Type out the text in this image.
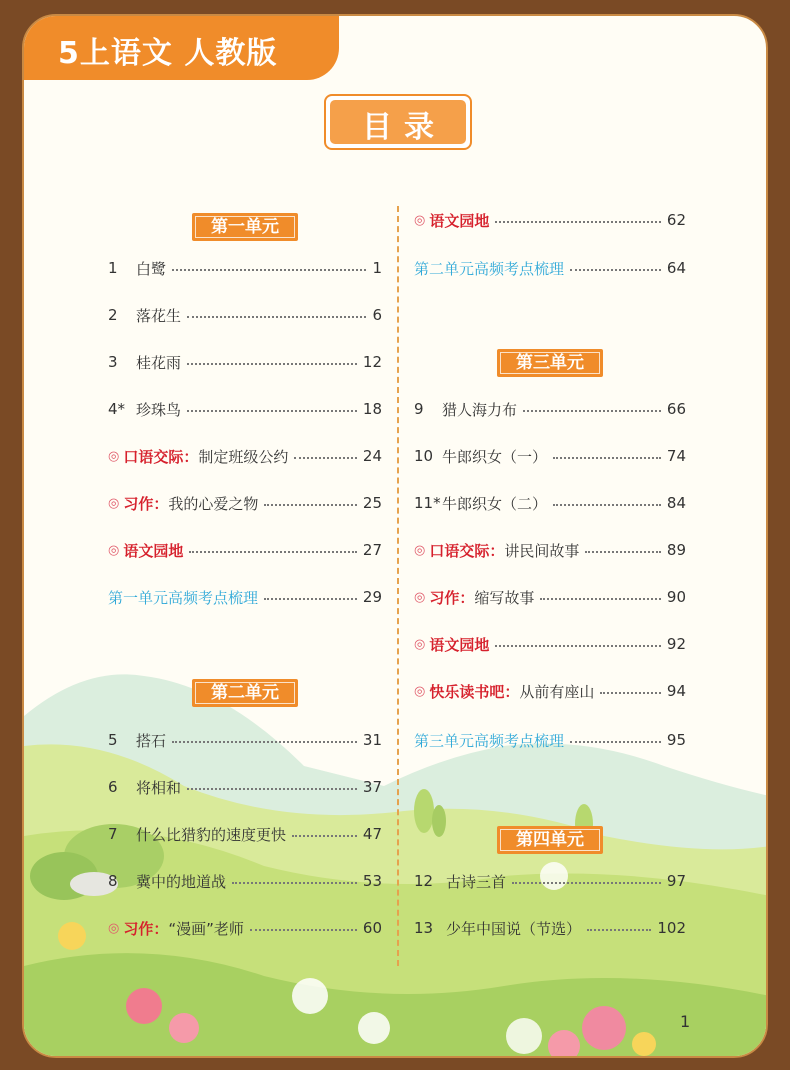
5上语文 人教版
目录
第一单元
1	白鹭	1
2	落花生	6
3	桂花雨	12
4* 珍珠鸟	18
◎ 口语交际： 制定班级公约	24
◎ 习作： 我的心爱之物	25
◎ 语文园地	27
第一单元高频考点梳理	29
第二单元
5	搭石	31
6	将相和	37
7	什么比猎豹的速度更快	47
8	冀中的地道战	53
◎ 习作： “漫画”老师	60
◎ 语文园地	62
第二单元高频考点梳理	64
第三单元
9	猎人海力布	66
10 牛郎织女（一）	74
11* 牛郎织女（二）	84
◎ 口语交际： 讲民间故事	89
◎ 习作： 缩写故事	90
◎ 语文园地	92
◎ 快乐读书吧： 从前有座山	94
第三单元高频考点梳理	95
第四单元
12 古诗三首	97
13 少年中国说（节选）	102
1
